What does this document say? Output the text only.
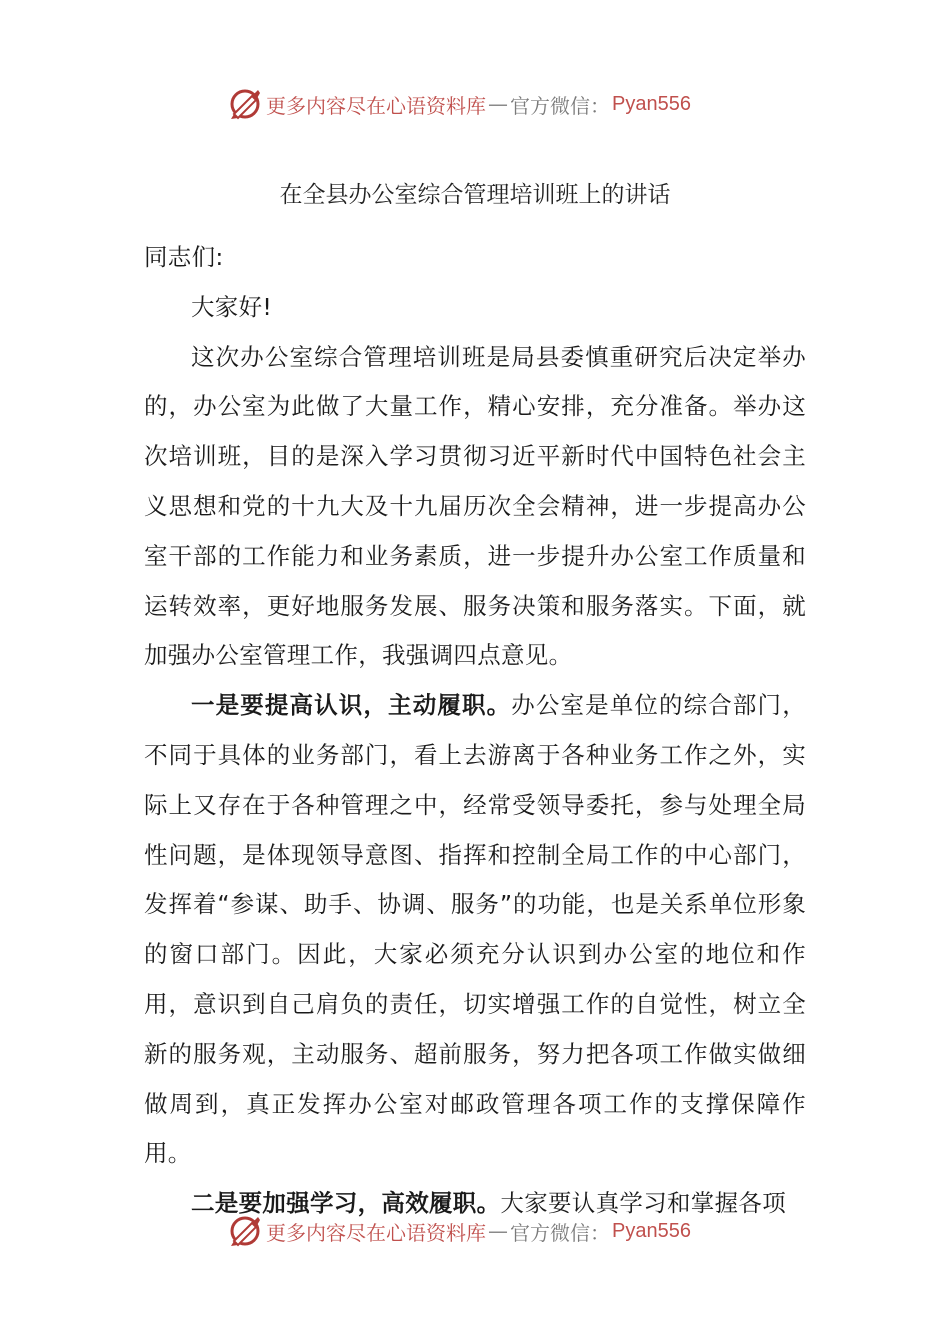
更多内容尽在心语资料库 — 官方微信： Pyan556
在全县办公室综合管理培训班上的讲话

同志们:

大家好!

这次办公室综合管理培训班是局县委慎重研究后决定举办的，办公室为此做了大量工作，精心安排，充分准备。举办这次培训班，目的是深入学习贯彻习近平新时代中国特色社会主义思想和党的十九大及十九届历次全会精神，进一步提高办公室干部的工作能力和业务素质，进一步提升办公室工作质量和运转效率，更好地服务发展、服务决策和服务落实。下面，就加强办公室管理工作，我强调四点意见。

一是要提高认识，主动履职。办公室是单位的综合部门，不同于具体的业务部门，看上去游离于各种业务工作之外，实际上又存在于各种管理之中，经常受领导委托，参与处理全局性问题，是体现领导意图、指挥和控制全局工作的中心部门，发挥着“参谋、助手、协调、服务”的功能，也是关系单位形象的窗口部门。因此，大家必须充分认识到办公室的地位和作用，意识到自己肩负的责任，切实增强工作的自觉性，树立全新的服务观，主动服务、超前服务，努力把各项工作做实做细做周到，真正发挥办公室对邮政管理各项工作的支撑保障作用。

二是要加强学习，高效履职。大家要认真学习和掌握各项

更多内容尽在心语资料库 — 官方微信： Pyan556
